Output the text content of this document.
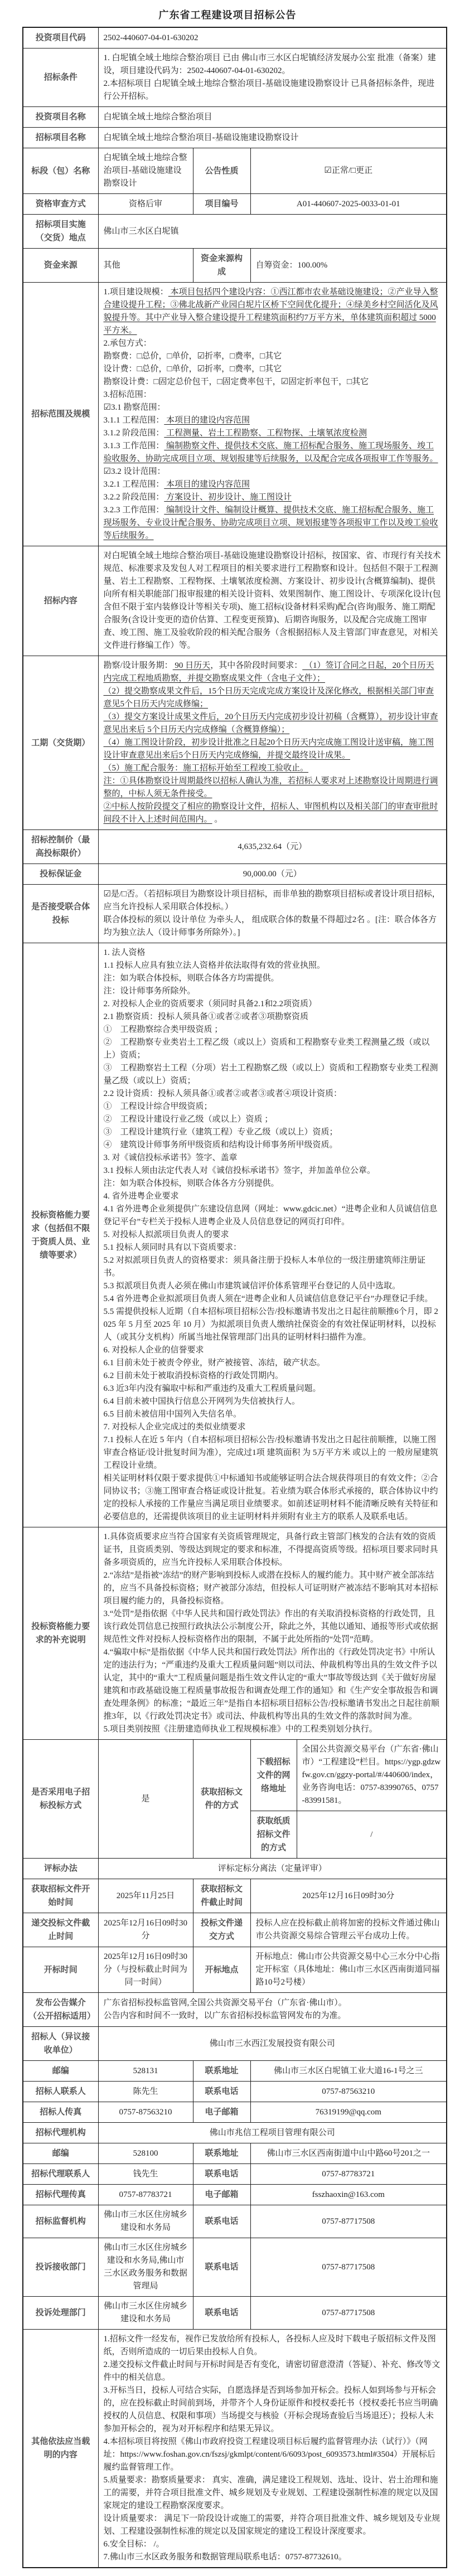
广东省工程建设项目招标公告
投资项目代码	2502-440607-04-01-630202			

招标条件	1. 白坭镇全域土地综合整治项目 已由 佛山市三水区白坭镇经济发展办公室 批准（备案）建设，项目建设代码为：2502-440607-04-01-630202。
2.本招标项目 白坭镇全域土地综合整治项目-基础设施建设勘察设计 已具备招标条件，现进行公开招标。			

投资项目名称	白坭镇全域土地综合整治项目			

招标项目名称	白坭镇全域土地综合整治项目-基础设施建设勘察设计			

标段（包）名称	白坭镇全域土地综合整治项目-基础设施建设勘察设计	公告性质	☑正常/□更正	

资格审查方式	资格后审	项目编号	A01-440607-2025-0033-01-01	

招标项目实施（交货）地点	佛山市三水区白坭镇			

资金来源	其他	资金来源构成	自筹资金：100.00%	

招标范围及规模	
1.项目建设规模： 本项目包括四个建设内容：①西江都市农业基础设施建设；②产业导入整合建设提升工程；③佛北战新产业园白坭片区桥下空间优化提升；④绿美乡村空间活化及风貌提升等。其中产业导入整合建设提升工程建筑面积约7万平方米，单体建筑面积超过 5000 平方米。
2.承包方式：
勘察费：□总价，□单价，☑折率，□费率，□其它
设计费：□总价，□单价，☑折率，□费率，□其它
勘察设计费：□固定总价包干，□固定费率包干，☑固定折率包干，□其它
3.招标范围：
☑3.1 勘察范围：
3.1.1 工程范围： 本项目的建设内容范围
3.1.2 阶段范围： 工程测量、岩土工程勘察、工程物探、土壤氡浓度检测
3.1.3 工作范围： 编制勘察文件、提供技术交底、施工招标配合服务、施工现场服务、竣工验收服务、协助完成项目立项、规划报建等后续服务，以及配合完成各项报审工作等服务。
☑3.2 设计范围：
3.2.1 工程范围： 本项目的建设内容范围
3.2.2 阶段范围： 方案设计、初步设计、施工图设计
3.2.3 工作范围： 编制设计文件、编制设计概算、提供技术交底、施工招标配合服务、施工现场服务、专业设计配合服务、协助完成项目立项、规划报建等各项报审工作以及竣工验收等后续服务。

招标内容	对白坭镇全域土地综合整治项目-基础设施建设勘察设计招标，按国家、省、市现行有关技术规范、标准要求及发包人对工程项目的相关要求进行工程勘察和设计。包括但不限于工程测量、岩土工程勘察、工程物探、土壤氡浓度检测、方案设计、初步设计(含概算编制)、提供向所有相关职能部门报审报建的相关设计资料、效果图制作、施工图设计、专项深化设计(包含但不限于室内装修设计等相关专项)、施工招标(设备材料采购)配合(咨询)服务、施工期配合服务(含设计变更的造价估算、工程变更预算)、后期咨询服务，以及配合完成施工图审查、竣工图、施工及验收阶段的相关配合服务（含根据招标人及主管部门审查意见，对相关文件进行修编工作）等。			

工期（交货期）	
勘察/设计服务期： 90 日历天，其中各阶段时间要求： （1）签订合同之日起，20个日历天内完成工程地质勘察，并提交勘察成果文件（含电子文件）；
（2）提交勘察成果文件后，15个日历天完成完成方案设计及深化修改，根据相关部门审查意见5个日历天内完成修编；
（3）提交方案设计成果文件后，20个日历天内完成初步设计初稿（含概算），初步设计审查意见出来后 5个日历天内完成修编（含概算修编）；
（4）施工图设计阶段，初步设计批准之日起20个日历天内完成施工图设计送审稿，施工图设计审查意见出来后5个日历天内完成修编，并提交最终设计成果。
（5）施工配合服务：施工招标开始至工程竣工验收止。
注：①具体勘察设计周期最终以招标人确认为准，若招标人要求对上述勘察设计周期进行调整的，中标人须无条件接受。
②中标人按阶段提交了相应的勘察设计文件，招标人、审图机构以及相关部门的审查审批时间段不计入上述时间范围内。 。

招标控制价（最高投标限价）	4,635,232.64（元）			

投标保证金	90,000.00（元）			

是否接受联合体投标	☑是/□否。（若招标项目为勘察设计项目招标，而非单独的勘察项目招标或者设计项目招标，应当允许投标人采用联合体投标。）
联合体投标的须以 设计单位 为牵头人， 组成联合体的数量不得超过2名 。[注：联合体各方均为独立法人（设计师事务所除外）。]			

投标资格能力要求（包括但不限于资质人员、业绩等要求）	
1. 法人资格
1.1 投标人应具有独立法人资格并依法取得有效的营业执照。
注：如为联合体投标，则联合体各方均需提供。
注：设计师事务所除外。
2. 对投标人企业的资质要求（须同时具备2.1和2.2项资质）
2.1 勘察资质：投标人须具备①或者②或者③项勘察资质
①　工程勘察综合类甲级资质 ；
②　工程勘察专业类岩土工程乙级（或以上）资质和工程勘察专业类工程测量乙级（或以上）资质；
③　工程勘察岩土工程（分项）岩土工程勘察乙级（或以上）资质和工程勘察专业类工程测量乙级（或以上）资质；
2.2 设计资质：投标人须具备①或者②或者③或者④项设计资质：
①　工程设计综合甲级资质；
②　工程设计建设行业乙级（或以上）资质 ；
③　工程设计建筑行业（建筑工程）专业乙级（或以上）资质；
④　建筑设计师事务所甲级资质和结构设计师事务所甲级资质。
3. 对《诚信投标承诺书》签字、盖章
3.1 投标人须由法定代表人对《诚信投标承诺书》签字，并加盖单位公章。
注：如为联合体投标，则联合体各方分别提供。
4. 省外进粤企业要求
4.1 省外进粤企业须提供广东建设信息网（网址：www.gdcic.net）“进粤企业和人员诚信信息登记平台”专栏关于投标人进粤企业及人员信息登记的网页打印件。
5. 对投标人拟派项目负责人的要求
5.1 投标人须同时具有以下资质要求：
5.2 对拟派项目负责人的资格要求：须具备注册于投标人本单位的一级注册建筑师注册证书。
5.3 拟派项目负责人必须在佛山市建筑诚信评价体系管理平台登记的人员中选取。
5.4 省外进粤企业拟派项目负责人须在“进粤企业和人员诚信信息登记平台”办理登记手续。
5.5 需提供投标人近期（自本招标项目招标公告/投标邀请书发出之日起往前顺推6个月，即 2025 年 5 月至 2025 年 10 月）为拟派项目负责人缴纳社保资金的有效社保证明材料，以投标人（或其分支机构）所属当地社保管理部门出具的证明材料扫描件为准。
6. 对投标人企业的信誉要求
6.1 目前未处于被责令停业，财产被接管、冻结，破产状态。
6.2 目前未处于被取消投标资格的行政处罚期内。
6.3 近3年内没有骗取中标和严重违约及重大工程质量问题。
6.4 目前未被中国执行信息公开网列为失信被执行人。
6.5 目前未被信用中国列入失信名单。
7. 对投标人企业完成过的类似业绩要求
7.1 投标人在近 5 年内（自本招标项目招标公告/投标邀请书发出之日起往前顺推，以施工图审查合格证/设计批复时间为准），完成过1项 建筑面积 为 5万平方米 或以上的 一般房屋建筑 工程设计业绩。
相关证明材料仅限于要求提供①中标通知书或能够证明合法合规获得项目的有效文件；②合同协议书；③施工图审查合格证或设计批复。若业绩为联合体形式承接的，联合体协议中约定的投标人承接的工作量应当满足项目业绩要求。如前述证明材料不能清晰反映有关特征和必要信息的，还需提供该项目的业主证明材料并须附有业主方的联系人及联系电话。

投标资格能力要求的补充说明	1.具体资质要求应当符合国家有关资质管理规定，具备行政主管部门核发的合法有效的资质证书，且资质类别、等级达到规定的要求和标准，不得提高资质等级。招标项目要求同时具备多项资质的，应当允许投标人采用联合体投标。
2.“冻结”是指被“冻结”的财产影响到投标人或潜在投标人的履约能力。其中财产被全部冻结的，应当不具备投标资格；财产被部分冻结，但投标人可证明财产被冻结不影响其对本招标项目履约能力的，具备投标资格。
3.“处罚”是指依据《中华人民共和国行政处罚法》作出的有关取消投标资格的行政处罚，且该行政处罚信息已按照行政执法公示制度公开，除此之外，其他以通知、通报等形式或依据规范性文件对投标人投标资格作出的限制，不属于此处所指的“处罚”范畴。
4.“骗取中标”是指依据《中华人民共和国行政处罚法》所作出的《行政处罚决定书》中所认定的违法行为；“严重违约及重大工程质量问题”则以司法、仲裁机构等出具的生效文件予以认定，其中的“重大”工程质量问题是指生效文件认定的“重大”事故等级达到《关于做好房屋建筑和市政基础设施工程质量事故报告和调查处理工作的通知》和《生产安全事故报告和调查处理条例》的标准；“最近三年”是指自本招标项目招标公告/投标邀请书发出之日起往前顺推3年，以《行政处罚决定书》或司法、仲裁机构等出具的生效文件的落款时间为准。
5.项目类别按照《注册建造师执业工程规模标准》中的工程类别划分执行。			

是否采用电子招标投标方式	是	获取招标文件的方式	下载招标文件的网络地址	全国公共资源交易平台（广东省·佛山市）“工程建设”栏目。https://ygp.gdzwfw.gov.cn/ggzy-portal/#/440600/index，业务咨询电话：0757-83990765、0757-83991581。

			获取纸质招标文件的方式	/

评标办法	评标定标分离法（定量评审）			

获取招标文件开始时间	2025年11月25日	获取招标文件截止时间	2025年12月16日09时30分	

递交投标文件截止时间	2025年12月16日09时30分	投标文件递交方式	投标人应在投标截止前将加密的投标文件通过佛山市公共资源交易综合管理云平台成功上传。	

开标时间	2025年12月16日09时30分（与投标截止时间为同一时间）	开标地点	开标地点：佛山市公共资源交易中心三水分中心指定开标室（具体地址：佛山市三水区西南街道同福路10号2号楼）	

发布公告媒介（公开招标适用）	广东省招标投标监管网,全国公共资源交易平台（广东省·佛山市）。
公告内容和时间不一致时，以广东省招标投标监管网发布的为准。			

招标人（异议接收单位）	佛山市三水西江发展投资有限公司			

邮编	528131	联系地址	佛山市三水区白坭镇工业大道16-1号之三	

招标人联系人	陈先生	联系电话	0757-87563210	

招标人传真	0757-87563210	电子邮箱	76319199@qq.com	

招标代理机构	佛山市兆信工程项目管理有限公司			

邮编	528100	联系地址	佛山市三水区西南街道中山中路60号201之一	

招标代理联系人	钱先生	联系电话	0757-87783721	

招标代理传真	0757-87783721	电子邮箱	fsszhaoxin@163.com	

招标监督机构	佛山市三水区住房城乡建设和水务局	联系电话	0757-87717508	

投诉接收部门	佛山市三水区住房城乡建设和水务局,佛山市三水区政务服务和数据管理局	联系电话	0757-87717508	

投诉处理部门	佛山市三水区住房城乡建设和水务局	联系电话	0757-87717508	

其他依法应当载明的内容	
1.招标文件一经发布，视作已发放给所有投标人，各投标人应及时下载电子版招标文件及图纸，否则所造成的一切后果由投标人自负。
2.递交投标文件截止时间与开标时间是否有变化，请密切留意澄清（答疑）、补充、修改等文件中的相关信息。
3.开标当日，投标人可结合实际，自愿选择是否到场参加开标会。投标人如到场参与开标会的，应在投标截止时间前到场，并带齐个人身份证原件和授权委托书（授权委托书应当明确授权的人员信息、权限和事项）当场提交与核验（开标会现场查验后当场退还）；投标人未参加开标会的，视为对开标程序和结果无异议。
4.本招标项目将按照《佛山市政府投资工程建设项目标后履约监督管理办法（试行）》（网址：https://www.foshan.gov.cn/fszsj/gkmlpt/content/6/6093/post_6093573.html#3504）开展标后履约监督管理工作。
5.质量要求：勘察质量要求： 真实、准确，满足建设工程规划、选址、设计、岩土治理和施工的需要，并符合项目批准文件、城乡规划及专业规划、工程建设强制性标准的规定以及国家规定的建设工程勘察深度要求。
设计质量要求： 满足下一阶段设计或施工的需要，并符合项目批准文件、城乡规划及专业规划、工程建设强制性标准的规定以及国家规定的建设工程设计深度要求。
6.安全目标： /。
7.佛山市三水区政务服务和数据管理局联系电话：0757-87732610。
